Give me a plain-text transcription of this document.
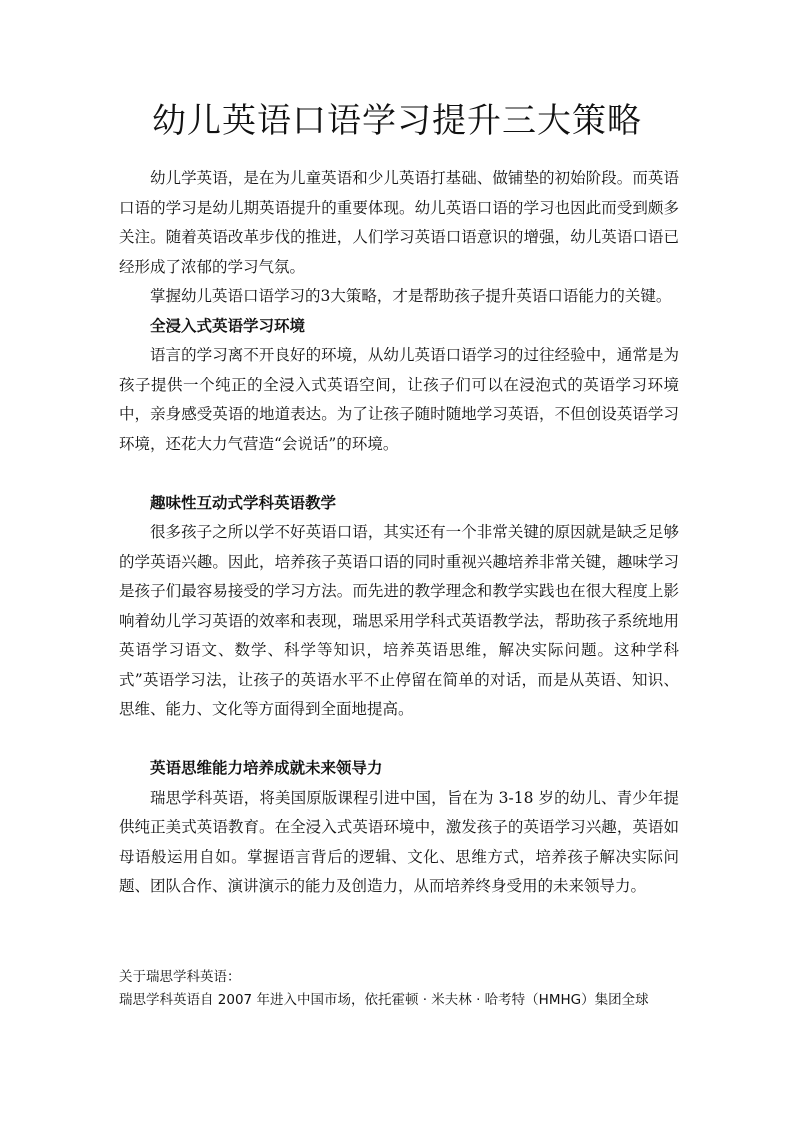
幼儿英语口语学习提升三大策略

幼儿学英语，是在为儿童英语和少儿英语打基础、做铺垫的初始阶段。而英语口语的学习是幼儿期英语提升的重要体现。幼儿英语口语的学习也因此而受到颇多关注。随着英语改革步伐的推进，人们学习英语口语意识的增强，幼儿英语口语已经形成了浓郁的学习气氛。

掌握幼儿英语口语学习的3大策略，才是帮助孩子提升英语口语能力的关键。

全浸入式英语学习环境

语言的学习离不开良好的环境，从幼儿英语口语学习的过往经验中，通常是为孩子提供一个纯正的全浸入式英语空间，让孩子们可以在浸泡式的英语学习环境中，亲身感受英语的地道表达。为了让孩子随时随地学习英语，不但创设英语学习环境，还花大力气营造“会说话”的环境。

趣味性互动式学科英语教学

很多孩子之所以学不好英语口语，其实还有一个非常关键的原因就是缺乏足够的学英语兴趣。因此，培养孩子英语口语的同时重视兴趣培养非常关键，趣味学习是孩子们最容易接受的学习方法。而先进的教学理念和教学实践也在很大程度上影响着幼儿学习英语的效率和表现，瑞思采用学科式英语教学法，帮助孩子系统地用英语学习语文、数学、科学等知识，培养英语思维，解决实际问题。这种学科式”英语学习法，让孩子的英语水平不止停留在简单的对话，而是从英语、知识、思维、能力、文化等方面得到全面地提高。

英语思维能力培养成就未来领导力

瑞思学科英语，将美国原版课程引进中国，旨在为 3-18 岁的幼儿、青少年提供纯正美式英语教育。在全浸入式英语环境中，激发孩子的英语学习兴趣，英语如母语般运用自如。掌握语言背后的逻辑、文化、思维方式，培养孩子解决实际问题、团队合作、演讲演示的能力及创造力，从而培养终身受用的未来领导力。

关于瑞思学科英语：

瑞思学科英语自 2007 年进入中国市场，依托霍顿 · 米夫林 · 哈考特（HMHG）集团全球
